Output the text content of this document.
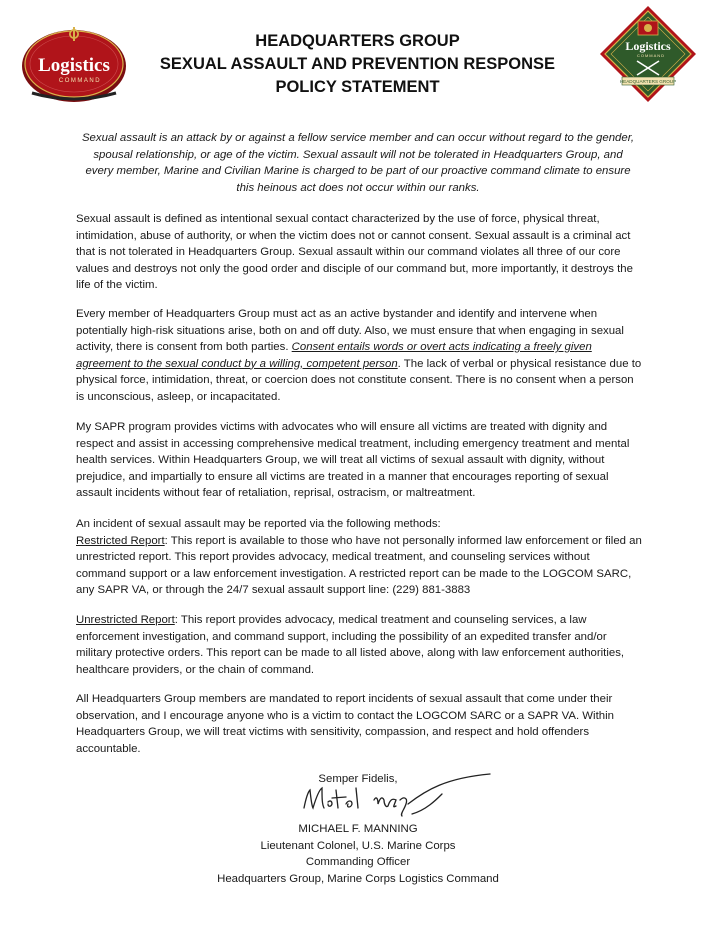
Logistics
COMMAND
HEADQUARTERS GROUP
SEXUAL ASSAULT AND PREVENTION RESPONSE
POLICY STATEMENT
Logistics
COMMAND
HEADQUARTERS GROUP
Sexual assault is an attack by or against a fellow service member and can occur without regard to the gender, spousal relationship, or age of the victim. Sexual assault will not be tolerated in Headquarters Group, and every member, Marine and Civilian Marine is charged to be part of our proactive command climate to ensure this heinous act does not occur within our ranks.
Sexual assault is defined as intentional sexual contact characterized by the use of force, physical threat, intimidation, abuse of authority, or when the victim does not or cannot consent. Sexual assault is a criminal act that is not tolerated in Headquarters Group. Sexual assault within our command violates all three of our core values and destroys not only the good order and disciple of our command but, more importantly, it destroys the life of the victim.
Every member of Headquarters Group must act as an active bystander and identify and intervene when potentially high-risk situations arise, both on and off duty. Also, we must ensure that when engaging in sexual activity, there is consent from both parties. Consent entails words or overt acts indicating a freely given agreement to the sexual conduct by a willing, competent person. The lack of verbal or physical resistance due to physical force, intimidation, threat, or coercion does not constitute consent. There is no consent when a person is unconscious, asleep, or incapacitated.
My SAPR program provides victims with advocates who will ensure all victims are treated with dignity and respect and assist in accessing comprehensive medical treatment, including emergency treatment and mental health services. Within Headquarters Group, we will treat all victims of sexual assault with dignity, without prejudice, and impartially to ensure all victims are treated in a manner that encourages reporting of sexual assault incidents without fear of retaliation, reprisal, ostracism, or maltreatment.
An incident of sexual assault may be reported via the following methods:
Restricted Report: This report is available to those who have not personally informed law enforcement or filed an unrestricted report. This report provides advocacy, medical treatment, and counseling services without command support or a law enforcement investigation. A restricted report can be made to the LOGCOM SARC, any SAPR VA, or through the 24/7 sexual assault support line: (229) 881-3883
Unrestricted Report: This report provides advocacy, medical treatment and counseling services, a law enforcement investigation, and command support, including the possibility of an expedited transfer and/or military protective orders. This report can be made to all listed above, along with law enforcement authorities, healthcare providers, or the chain of command.
All Headquarters Group members are mandated to report incidents of sexual assault that come under their observation, and I encourage anyone who is a victim to contact the LOGCOM SARC or a SAPR VA. Within Headquarters Group, we will treat victims with sensitivity, compassion, and respect and hold offenders accountable.
Semper Fidelis,
MICHAEL F. MANNING
Lieutenant Colonel, U.S. Marine Corps
Commanding Officer
Headquarters Group, Marine Corps Logistics Command
